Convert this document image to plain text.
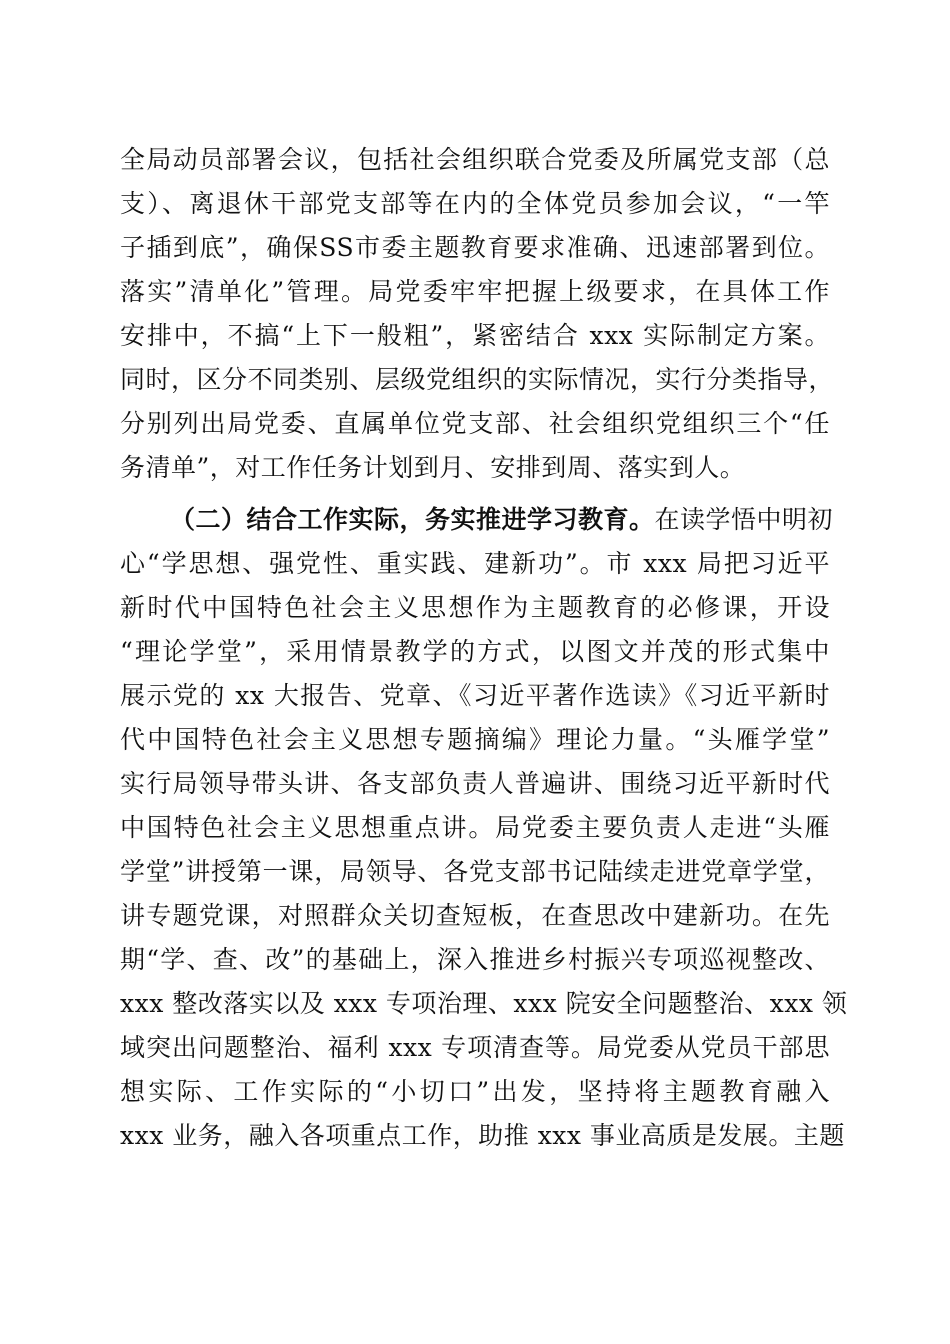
全局动员部署会议，包括社会组织联合党委及所属党支部（总
支）、离退休干部党支部等在内的全体党员参加会议，“一竿
子插到底”，确保SS市委主题教育要求准确、迅速部署到位。
落实”清单化”管理。局党委牢牢把握上级要求，在具体工作
安排中，不搞“上下一般粗”，紧密结合 xxx 实际制定方案。
同时，区分不同类别、层级党组织的实际情况，实行分类指导，
分别列出局党委、直属单位党支部、社会组织党组织三个“任
务清单”，对工作任务计划到月、安排到周、落实到人。
（二）结合工作实际，务实推进学习教育。在读学悟中明初
心“学思想、强党性、重实践、建新功”。市 xxx 局把习近平
新时代中国特色社会主义思想作为主题教育的必修课，开设
“理论学堂”，采用情景教学的方式，以图文并茂的形式集中
展示党的 xx 大报告、党章、《习近平著作选读》《习近平新时
代中国特色社会主义思想专题摘编》理论力量。“头雁学堂”
实行局领导带头讲、各支部负责人普遍讲、围绕习近平新时代
中国特色社会主义思想重点讲。局党委主要负责人走进“头雁
学堂”讲授第一课，局领导、各党支部书记陆续走进党章学堂，
讲专题党课，对照群众关切查短板，在查思改中建新功。在先
期“学、查、改”的基础上，深入推进乡村振兴专项巡视整改、
xxx 整改落实以及 xxx 专项治理、xxx 院安全问题整治、xxx 领
域突出问题整治、福利 xxx 专项清查等。局党委从党员干部思
想实际、工作实际的“小切口”出发，坚持将主题教育融入
xxx 业务，融入各项重点工作，助推 xxx 事业高质是发展。主题
